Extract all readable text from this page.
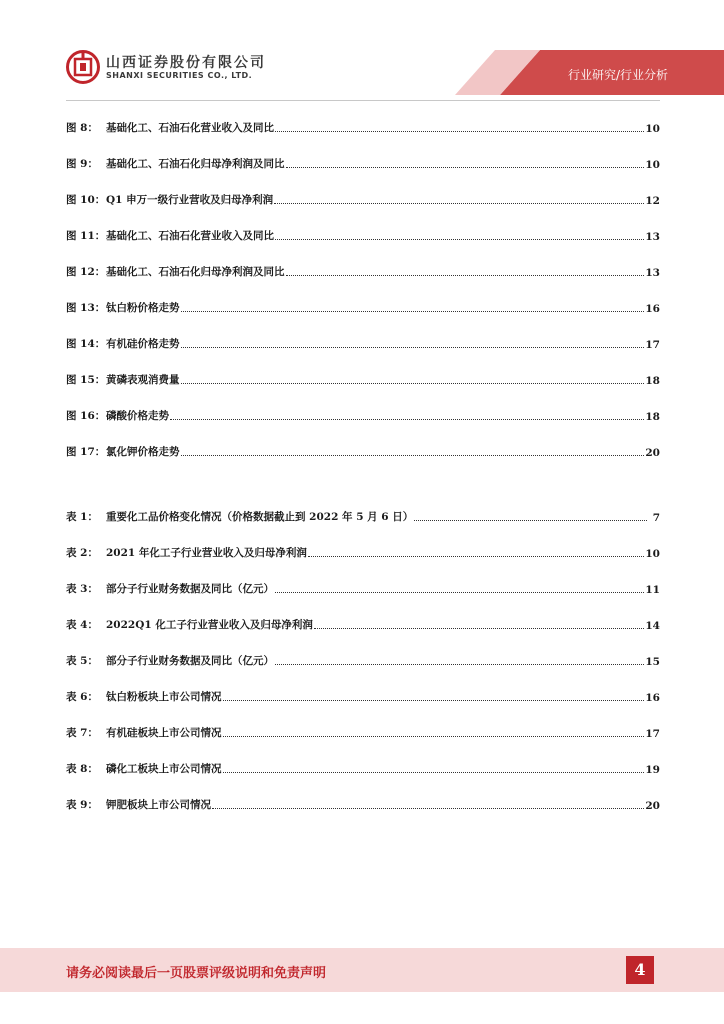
山西证券股份有限公司
SHANXI SECURITIES CO., LTD.	行业研究/行业分析
图 8： 基础化工、石油石化营业收入及同比	10
图 9： 基础化工、石油石化归母净利润及同比	10
图 10： Q1 申万一级行业营收及归母净利润	12
图 11： 基础化工、石油石化营业收入及同比	13
图 12： 基础化工、石油石化归母净利润及同比	13
图 13： 钛白粉价格走势	16
图 14： 有机硅价格走势	17
图 15： 黄磷表观消费量	18
图 16： 磷酸价格走势	18
图 17： 氯化钾价格走势	20
表 1： 重要化工品价格变化情况（价格数据截止到 2022 年 5 月 6 日）	7
表 2： 2021 年化工子行业营业收入及归母净利润	10
表 3： 部分子行业财务数据及同比（亿元）	11
表 4： 2022Q1 化工子行业营业收入及归母净利润	14
表 5： 部分子行业财务数据及同比（亿元）	15
表 6： 钛白粉板块上市公司情况	16
表 7： 有机硅板块上市公司情况	17
表 8： 磷化工板块上市公司情况	19
表 9： 钾肥板块上市公司情况	20
请务必阅读最后一页股票评级说明和免责声明	4
